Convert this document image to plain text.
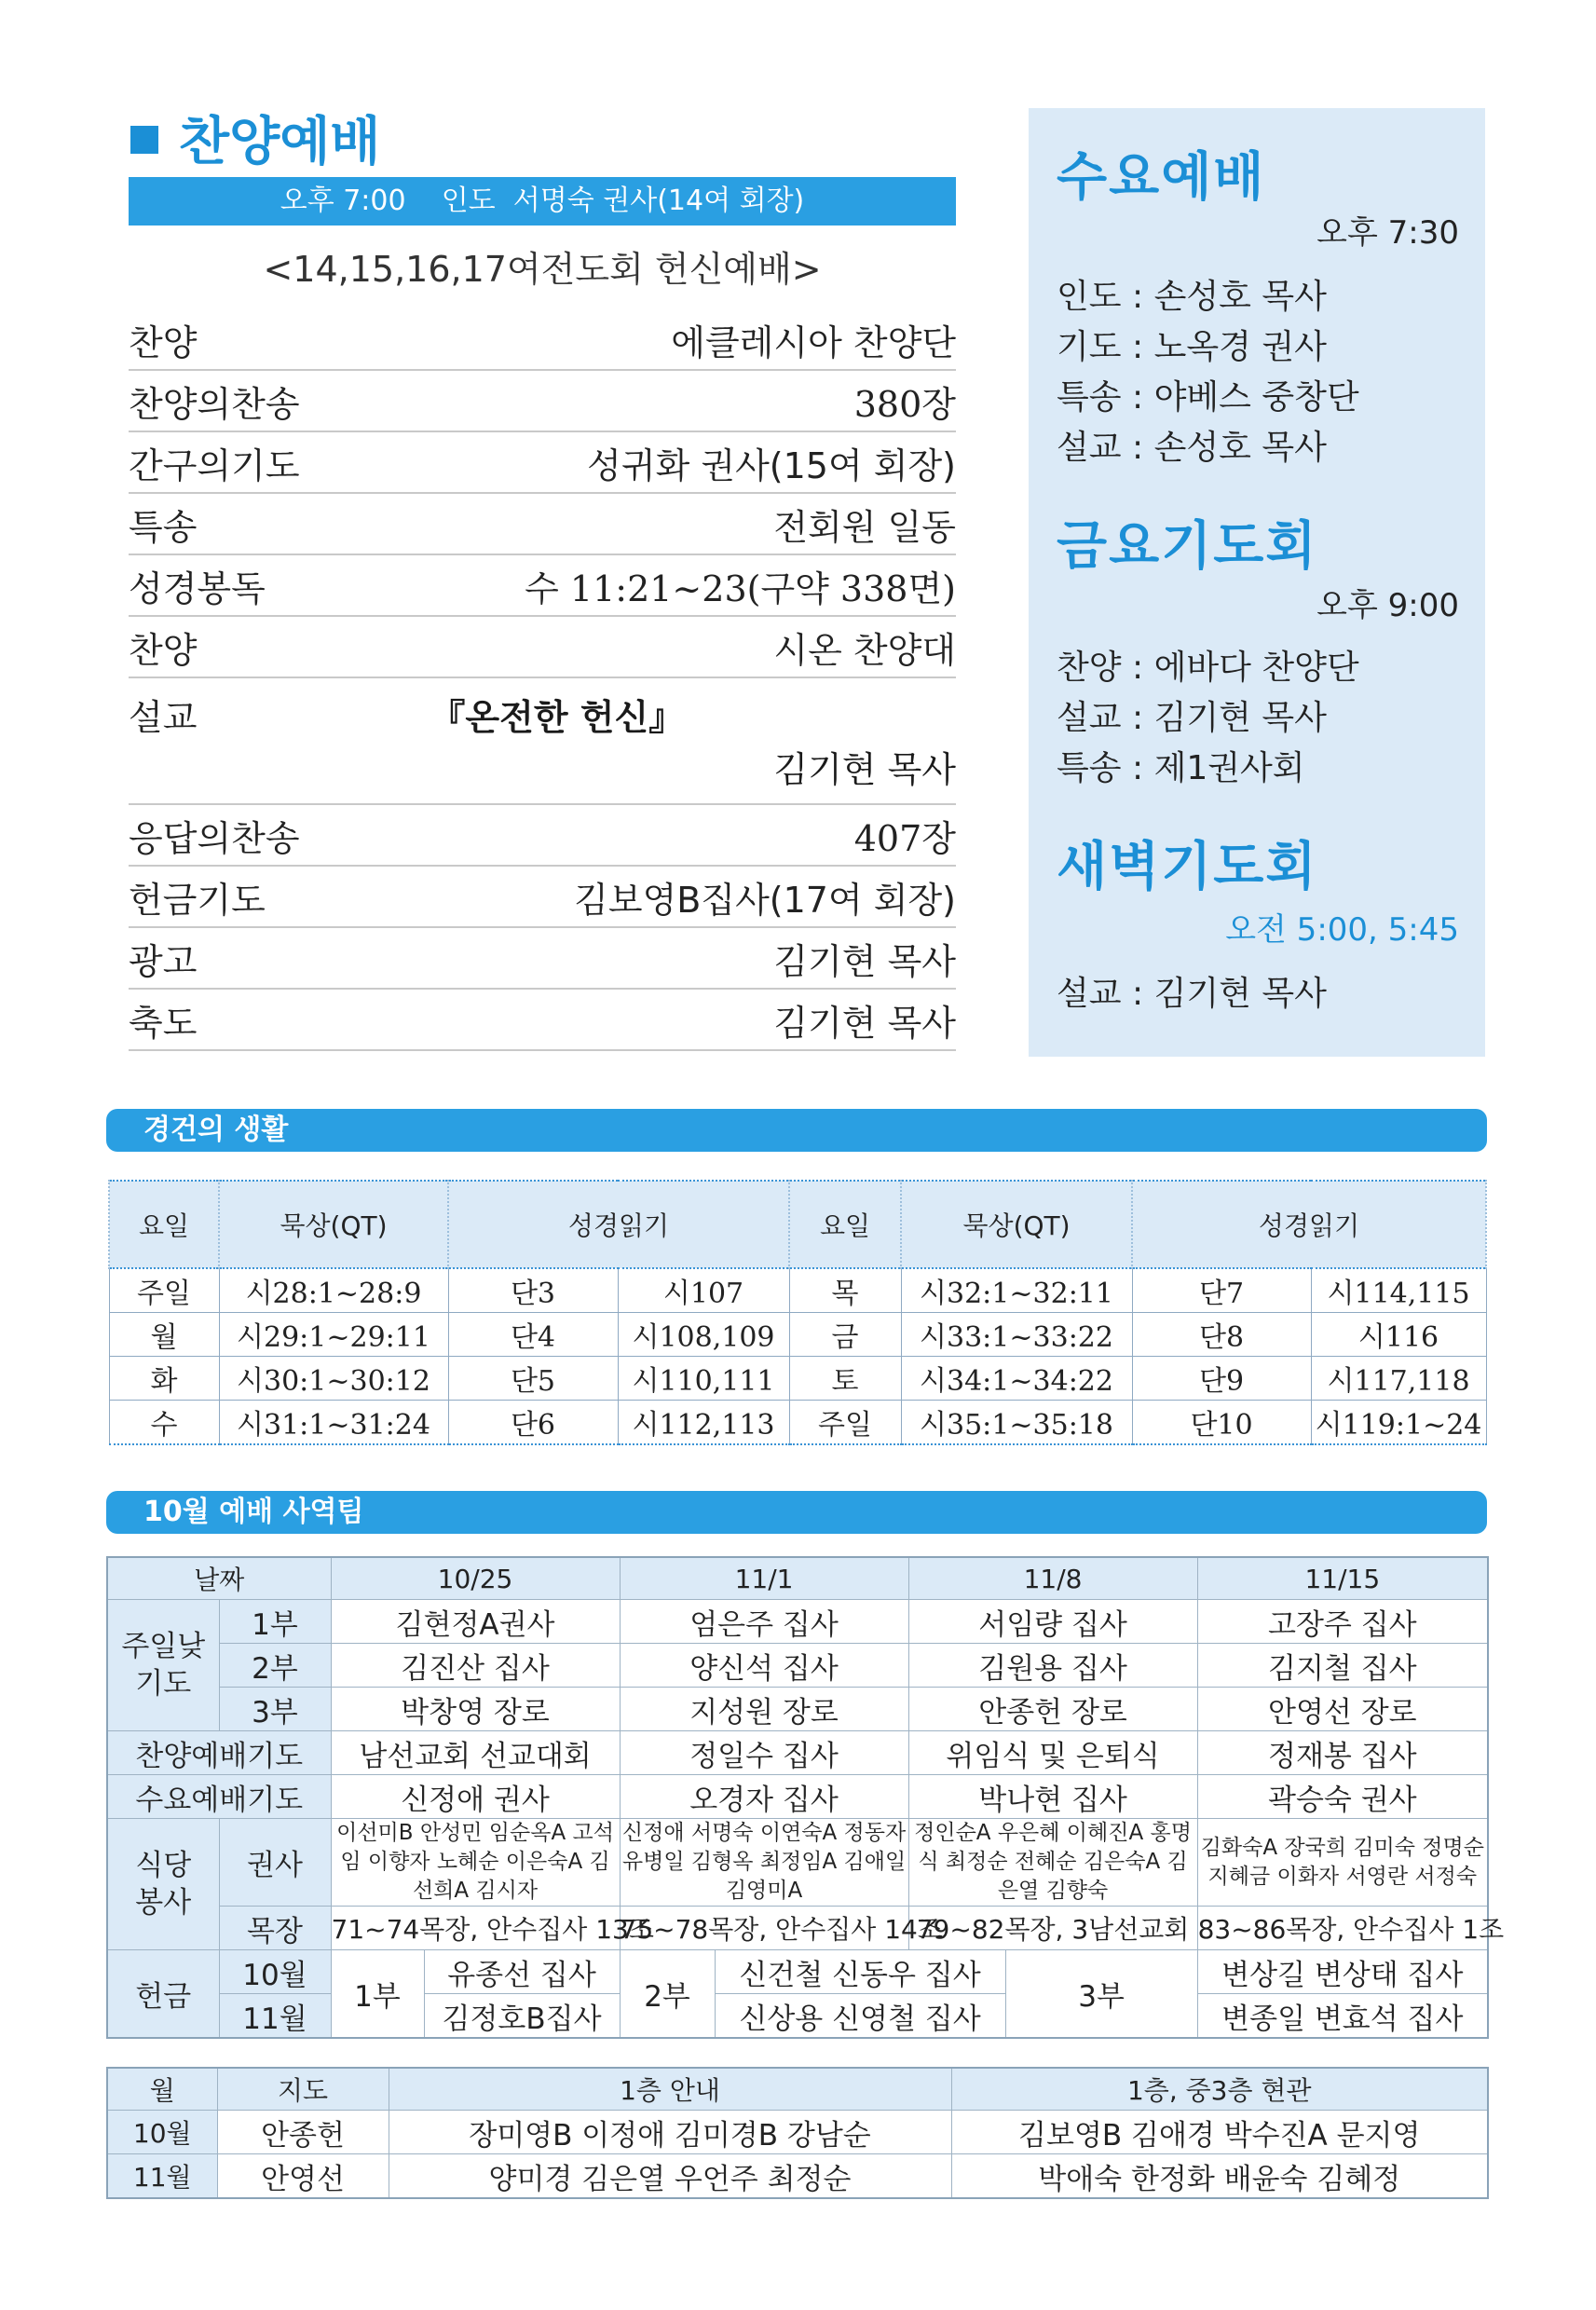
찬양예배
오후 7:00    인도  서명숙 권사(14여 회장)
<14,15,16,17여전도회 헌신예배>
찬양	에클레시아 찬양단
찬양의찬송	380장
간구의기도	성귀화 권사(15여 회장)
특송	전회원 일동
성경봉독	수 11:21~23(구약 338면)
찬양	시온 찬양대
설교	『온전한 헌신』
김기현 목사
응답의찬송	407장
헌금기도	김보영B집사(17여 회장)
광고	김기현 목사
축도	김기현 목사
수요예배
오후 7:30
인도 : 손성호 목사
기도 : 노옥경 권사
특송 : 야베스 중창단
설교 : 손성호 목사
금요기도회
오후 9:00
찬양 : 에바다 찬양단
설교 : 김기현 목사
특송 : 제1권사회
새벽기도회
오전 5:00, 5:45
설교 : 김기현 목사
경건의 생활
요일	묵상(QT)	성경읽기		요일	묵상(QT)	성경읽기	
주일	시28:1~28:9	단3	시107	목	시32:1~32:11	단7	시114,115
월	시29:1~29:11	단4	시108,109	금	시33:1~33:22	단8	시116
화	시30:1~30:12	단5	시110,111	토	시34:1~34:22	단9	시117,118
수	시31:1~31:24	단6	시112,113	주일	시35:1~35:18	단10	시119:1~24
10월 예배 사역팀
날짜		10/25		11/1		11/8		11/15
주일낮
기도	1부	김현정A권사		엄은주 집사		서임량 집사		고장주 집사
	2부	김진산 집사		양신석 집사		김원용 집사		김지철 집사
	3부	박창영 장로		지성원 장로		안종헌 장로		안영선 장로
찬양예배기도		남선교회 선교대회		정일수 집사		위임식 및 은퇴식		정재봉 집사
수요예배기도		신정애 권사		오경자 집사		박나현 집사		곽승숙 권사
식당
봉사	권사	이선미B 안성민 임순옥A 고석임 이향자 노혜순 이은숙A 김선희A 김시자		신정애 서명숙 이연숙A 정동자 유병일 김형옥 최정임A 김애일 김영미A		정인순A 우은혜 이혜진A 홍명식 최정순 전혜순 김은숙A 김은열 김향숙		김화숙A 장국희 김미숙 정명순 지혜금 이화자 서영란 서정숙
	목장	71~74목장, 안수집사 13조		75~78목장, 안수집사 14조		79~82목장, 3남선교회		83~86목장, 안수집사 1조
헌금	10월	1부	유종선 집사	2부	신건철 신동우 집사		3부	변상길 변상태 집사
	11월		김정호B집사		신상용 신영철 집사			변종일 변효석 집사
월	지도	1층 안내	1층, 중3층 현관
10월	안종헌	장미영B 이정애 김미경B 강남순	김보영B 김애경 박수진A 문지영
11월	안영선	양미경 김은열 우언주 최정순	박애숙 한정화 배윤숙 김혜정
